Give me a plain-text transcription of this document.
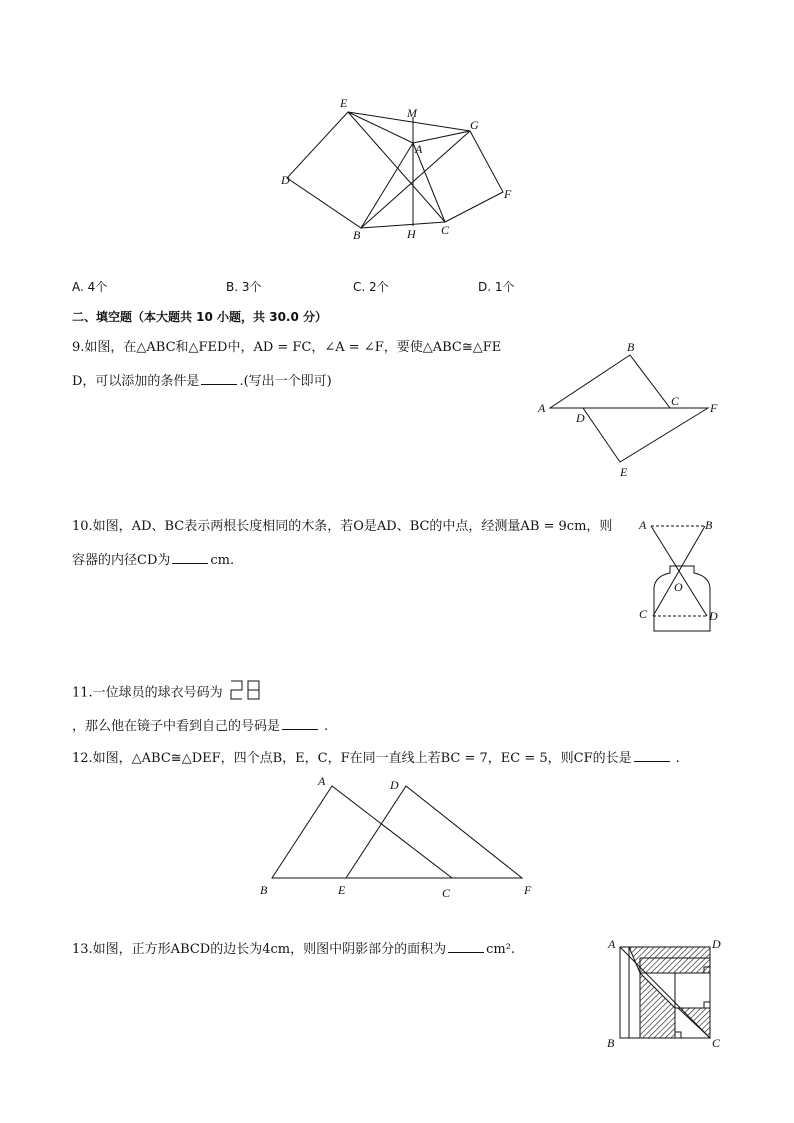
E
M
G
A
D
F
B	H C
A. 4个	B. 3个	C. 2个	D. 1个
二、填空题（本大题共 10 小题，共 30.0 分）
9.如图，在△ABC和△FED中，AD = FC，∠A = ∠F，要使△ABC≅△FE
D，可以添加的条件是	.(写出一个即可)
B
A	C	F
D
E
10.如图，AD、BC表示两根长度相同的木条，若O是AD、BC的中点，经测量AB = 9cm，则
容器的内径CD为	cm.
A	B
O
C	D
11.一位球员的球衣号码为
，那么他在镜子中看到自己的号码是	.
12.如图，△ABC≅△DEF，四个点B，E，C，F在同一直线上若BC = 7，EC = 5，则CF的长是	.
A	D
B	E	C	F
13.如图，正方形ABCD的边长为4cm，则图中阴影部分的面积为	cm².	A	D
B	C
